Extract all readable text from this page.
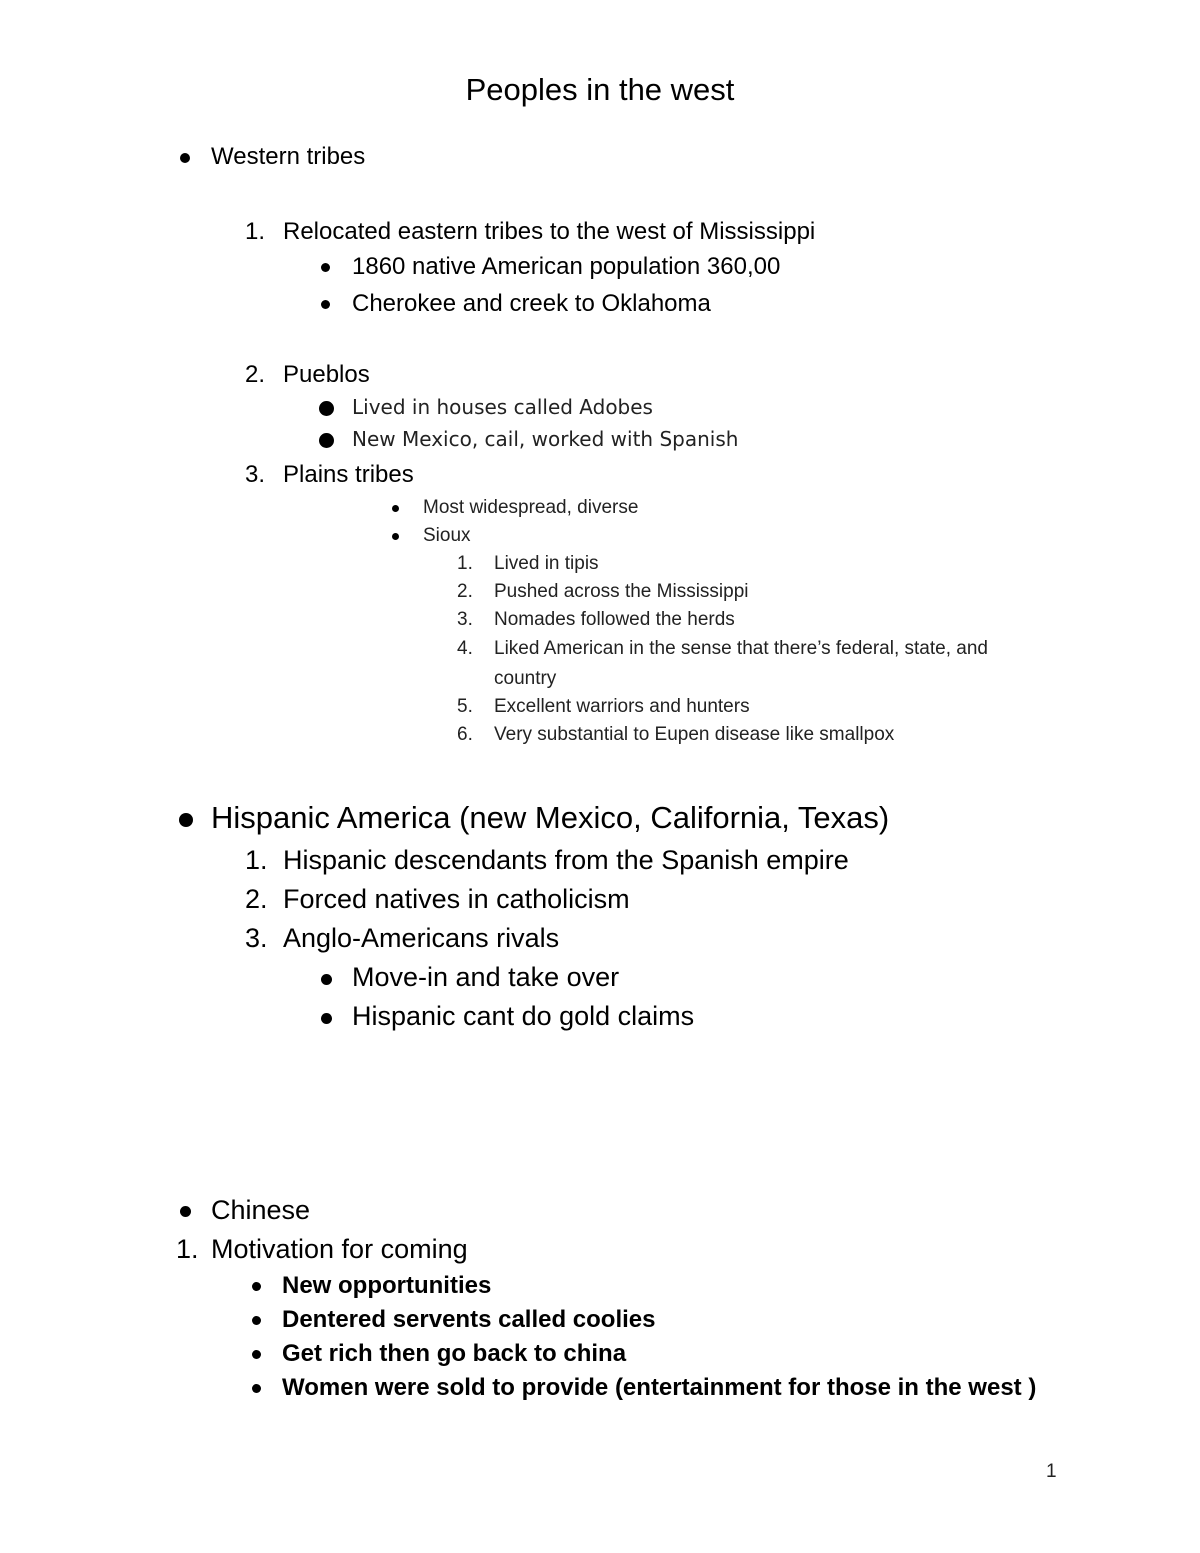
Peoples in the west
Western tribes
1. Relocated eastern tribes to the west of Mississippi
1860 native American population 360,00
Cherokee and creek to Oklahoma
2. Pueblos
Lived in houses called Adobes
New Mexico, cail, worked with Spanish
3. Plains tribes
Most widespread, diverse
Sioux
1. Lived in tipis
2. Pushed across the Mississippi
3. Nomades followed the herds
4. Liked American in the sense that there’s federal, state, and
country
5. Excellent warriors and hunters
6. Very substantial to Eupen disease like smallpox
Hispanic America (new Mexico, California, Texas)
1. Hispanic descendants from the Spanish empire
2. Forced natives in catholicism
3. Anglo-Americans rivals
Move-in and take over
Hispanic cant do gold claims
Chinese
1. Motivation for coming
New opportunities
Dentered servents called coolies
Get rich then go back to china
Women were sold to provide (entertainment for those in the west )
1
